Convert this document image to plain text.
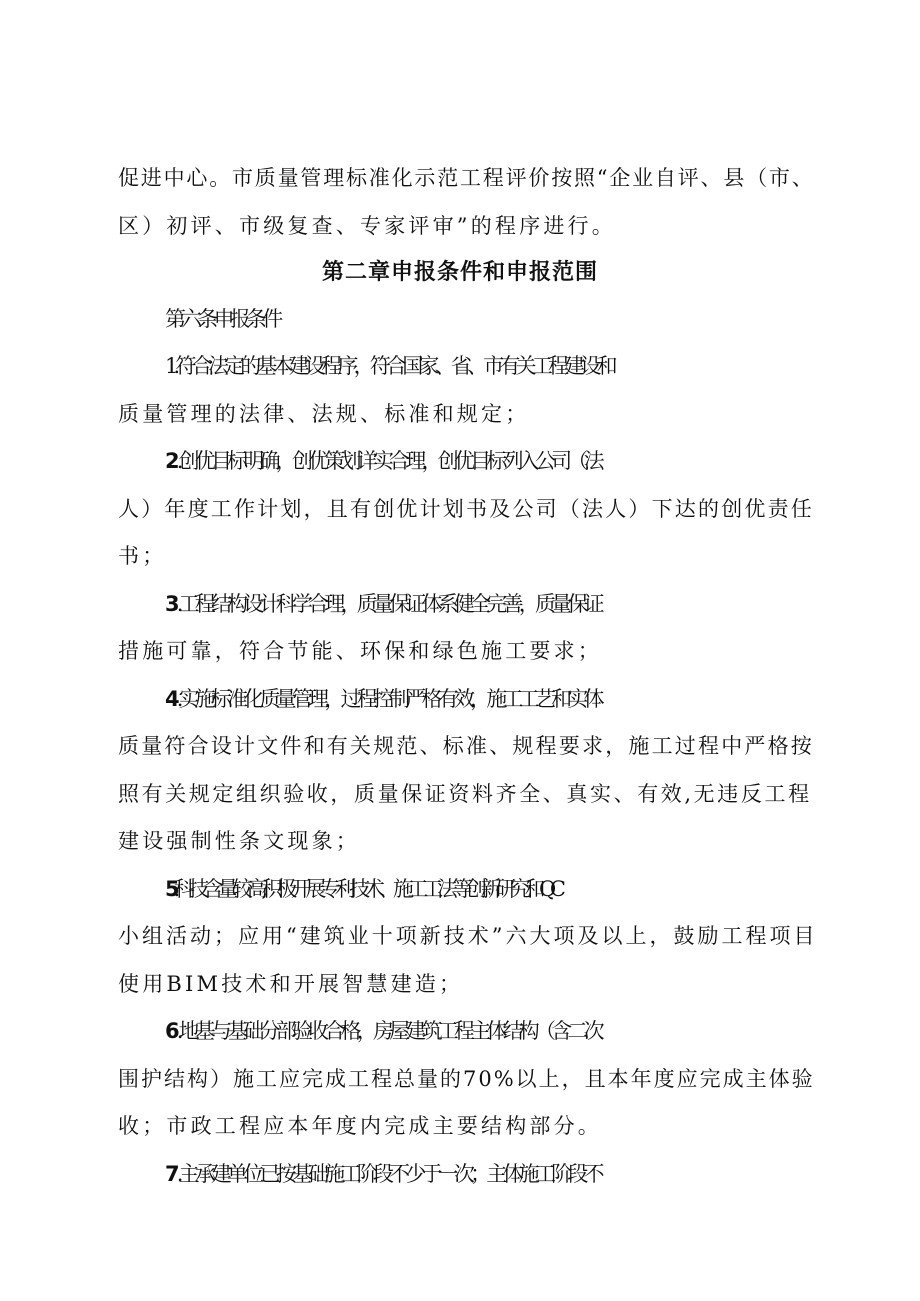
促进中心。市质量管理标准化示范工程评价按照“企业自评、县（市、
区）初评、市级复查、专家评审”的程序进行。
第二章申报条件和申报范围
第六条申报条件
1.符合法定的基本建设程序，符合国家、省、市有关工程建设和
质量管理的法律、法规、标准和规定；
2 .创优目标明确，创优策划详实合理，创优目标列入公司（法
人）年度工作计划，且有创优计划书及公司（法人）下达的创优责任
书；
3 .工程结构设计科学合理，质量保证体系健全完善，质量保证
措施可靠，符合节能、环保和绿色施工要求；
4 .实施标准化质量管理，过程控制严格有效，施工工艺和实体
质量符合设计文件和有关规范、标准、规程要求，施工过程中严格按
照有关规定组织验收，质量保证资料齐全、真实、有效,无违反工程
建设强制性条文现象；
5 .科技含量较高,积极开展专利技术、施工工法等创新研究和QC
小组活动；应用“建筑业十项新技术”六大项及以上，鼓励工程项目
使用BIM技术和开展智慧建造；
6 .地基与基础分部验收合格，房屋建筑工程主体结构（含二次
围护结构）施工应完成工程总量的70%以上，且本年度应完成主体验
收；市政工程应本年度内完成主要结构部分。
7 .主承建单位已按基础施工阶段不少于一次；主体施工阶段不
